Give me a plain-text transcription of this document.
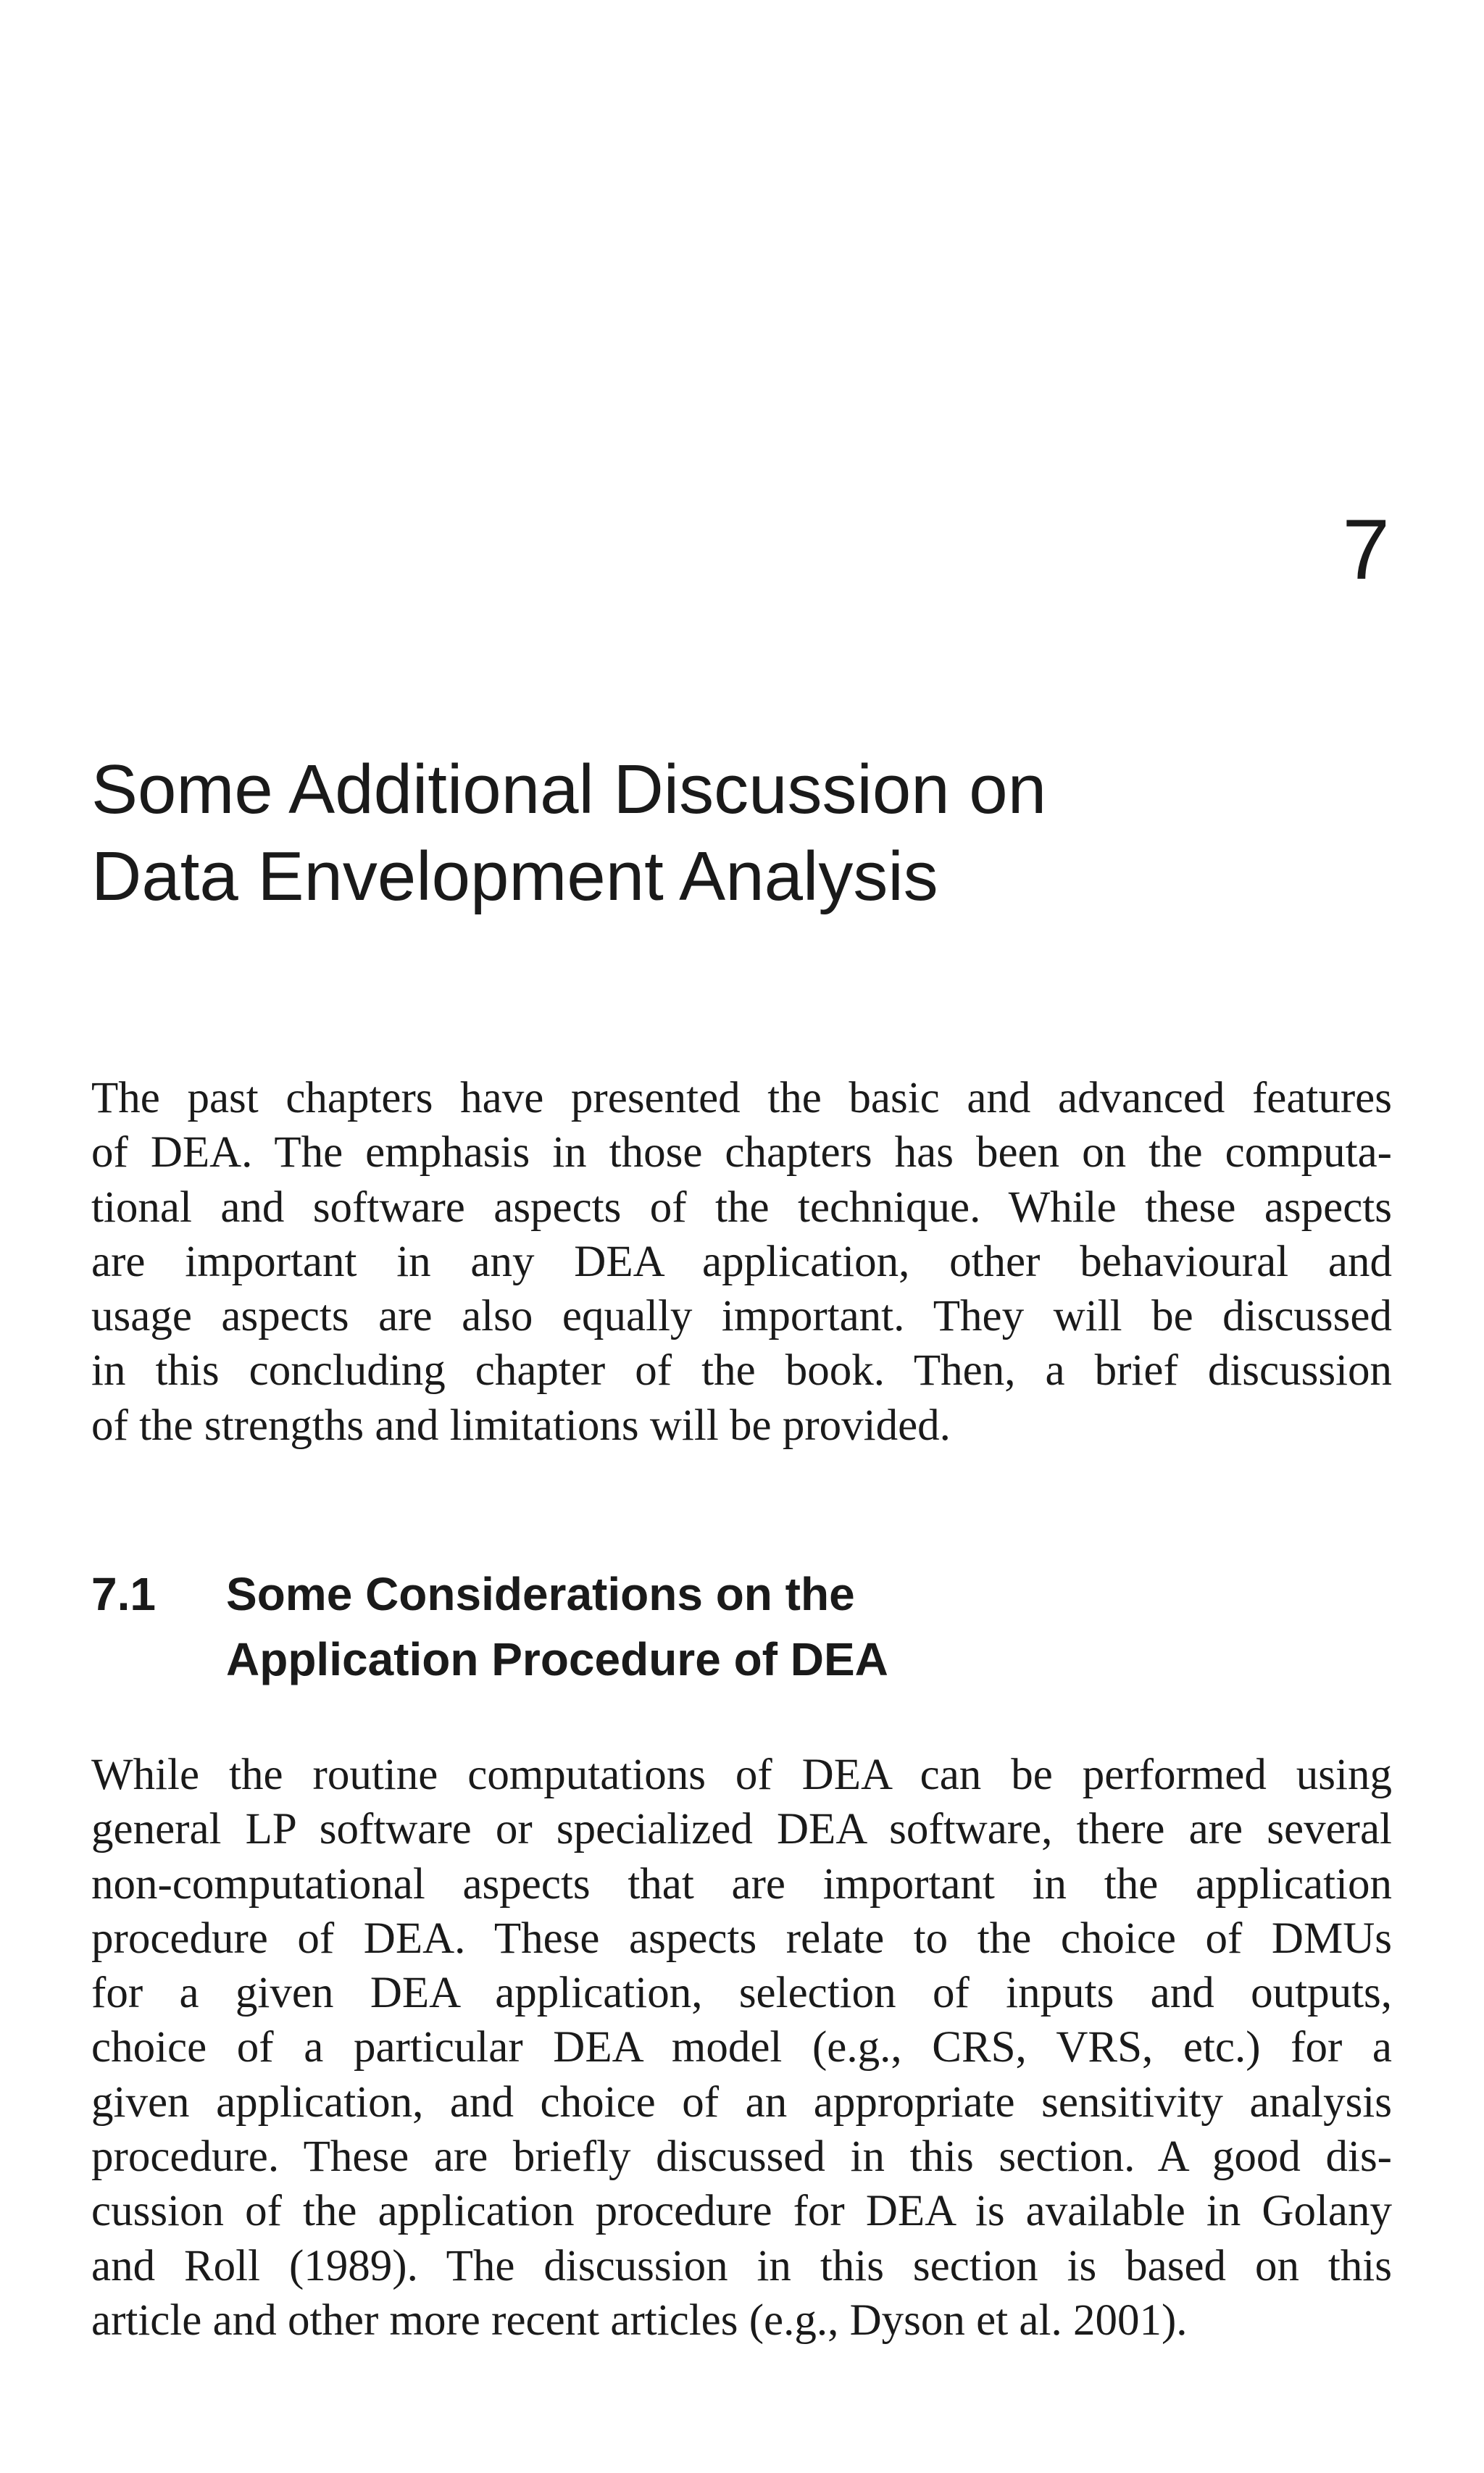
7
Some Additional Discussion on
Data Envelopment Analysis
The past chapters have presented the basic and advanced features
of DEA. The emphasis in those chapters has been on the computa-
tional and software aspects of the technique. While these aspects
are important in any DEA application, other behavioural and
usage aspects are also equally important. They will be discussed
in this concluding chapter of the book. Then, a brief discussion
of the strengths and limitations will be provided.
7.1 Some Considerations on the
Application Procedure of DEA
While the routine computations of DEA can be performed using
general LP software or specialized DEA software, there are several
non-computational aspects that are important in the application
procedure of DEA. These aspects relate to the choice of DMUs
for a given DEA application, selection of inputs and outputs,
choice of a particular DEA model (e.g., CRS, VRS, etc.) for a
given application, and choice of an appropriate sensitivity analysis
procedure. These are briefly discussed in this section. A good dis-
cussion of the application procedure for DEA is available in Golany
and Roll (1989). The discussion in this section is based on this
article and other more recent articles (e.g., Dyson et al. 2001).
